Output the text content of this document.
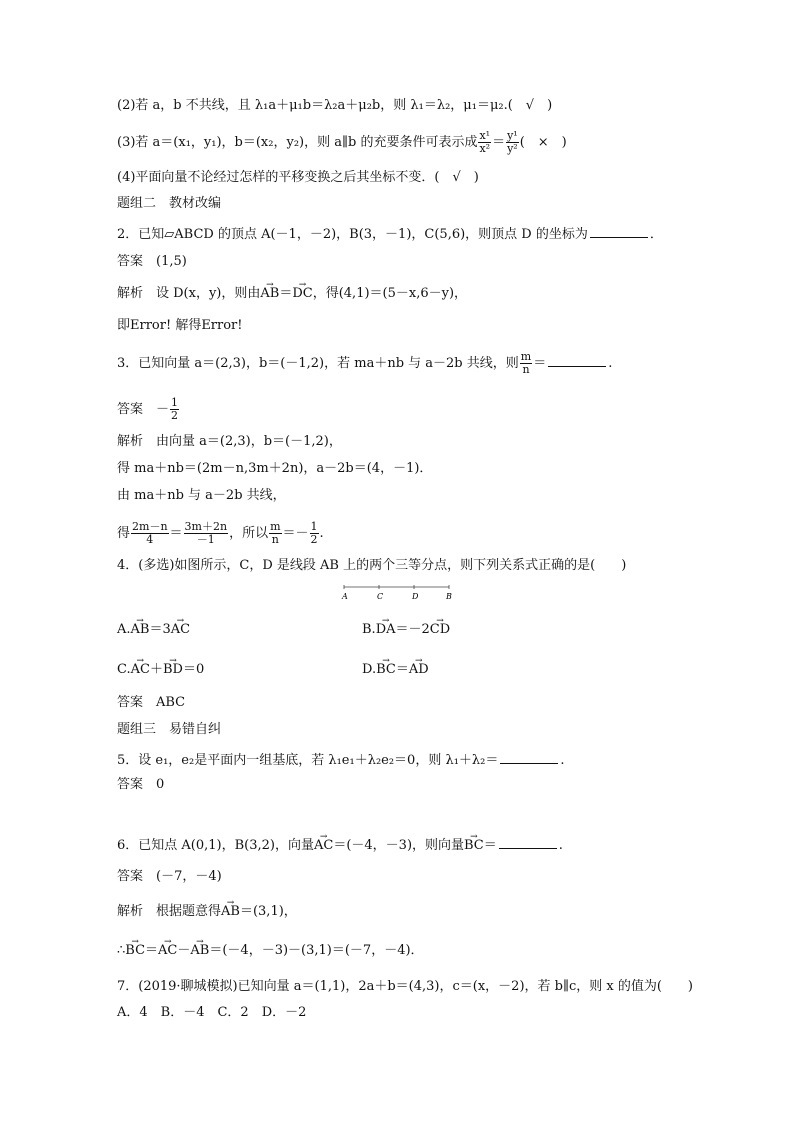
(2)若 a，b 不共线，且 λ₁a＋μ₁b＝λ₂a＋μ₂b，则 λ₁＝λ₂，μ₁＝μ₂.(　√　)
(3)若 a＝(x₁，y₁)，b＝(x₂，y₂)，则 a∥b 的充要条件可表示成 $\frac{\text{x¹}}{\text{x²}} = \frac{\text{y¹}}{\text{y²}}$ (　×　)
(4)平面向量不论经过怎样的平移变换之后其坐标不变．(　√　)
题组二　教材改编
2．已知▱ABCD 的顶点 A(－1，－2)，B(3，－1)，C(5,6)，则顶点 D 的坐标为	．
答案　(1,5)
解析　设 D(x，y)，则由→ AB＝→ DC，得(4,1)＝(5－x,6－y)，
即Error! 解得Error!
3．已知向量 a＝(2,3)，b＝(－1,2)，若 ma＋nb 与 a－2b 共线，则 $\frac{m}{n}$ ＝	.
答案　－ $\frac{1}{2}$
解析　由向量 a＝(2,3)，b＝(－1,2)，
得 ma＋nb＝(2m－n,3m＋2n)，a－2b＝(4，－1)．
由 ma＋nb 与 a－2b 共线，
得 $\frac{2m-n}{4} = \frac{3m+2n}{-1}$ ，所以 $\frac{m}{n} =- \frac{1}{2}$ .
4．(多选)如图所示，C，D 是线段 AB 上的两个三等分点，则下列关系式正确的是(　　)
A	C	D	B
A.→ AB＝3→ AC	B.→ DA＝－2→ CD
C.→ AC＋→ BD＝0	D.→ BC＝→ AD
答案　ABC
题组三　易错自纠
5．设 e₁，e₂是平面内一组基底，若 λ₁e₁＋λ₂e₂＝0，则 λ₁＋λ₂＝	.
答案　0
6．已知点 A(0,1)，B(3,2)，向量→ AC＝(－4，－3)，则向量→ BC＝	.
答案　(－7，－4)
解析　根据题意得→ AB＝(3,1)，
∴→ BC＝→ AC－→ AB＝(－4，－3)－(3,1)＝(－7，－4)．
7．(2019·聊城模拟)已知向量 a＝(1,1)，2a＋b＝(4,3)，c＝(x，－2)，若 b∥c，则 x 的值为(　　)
A．4　B．－4　C．2　D．－2
